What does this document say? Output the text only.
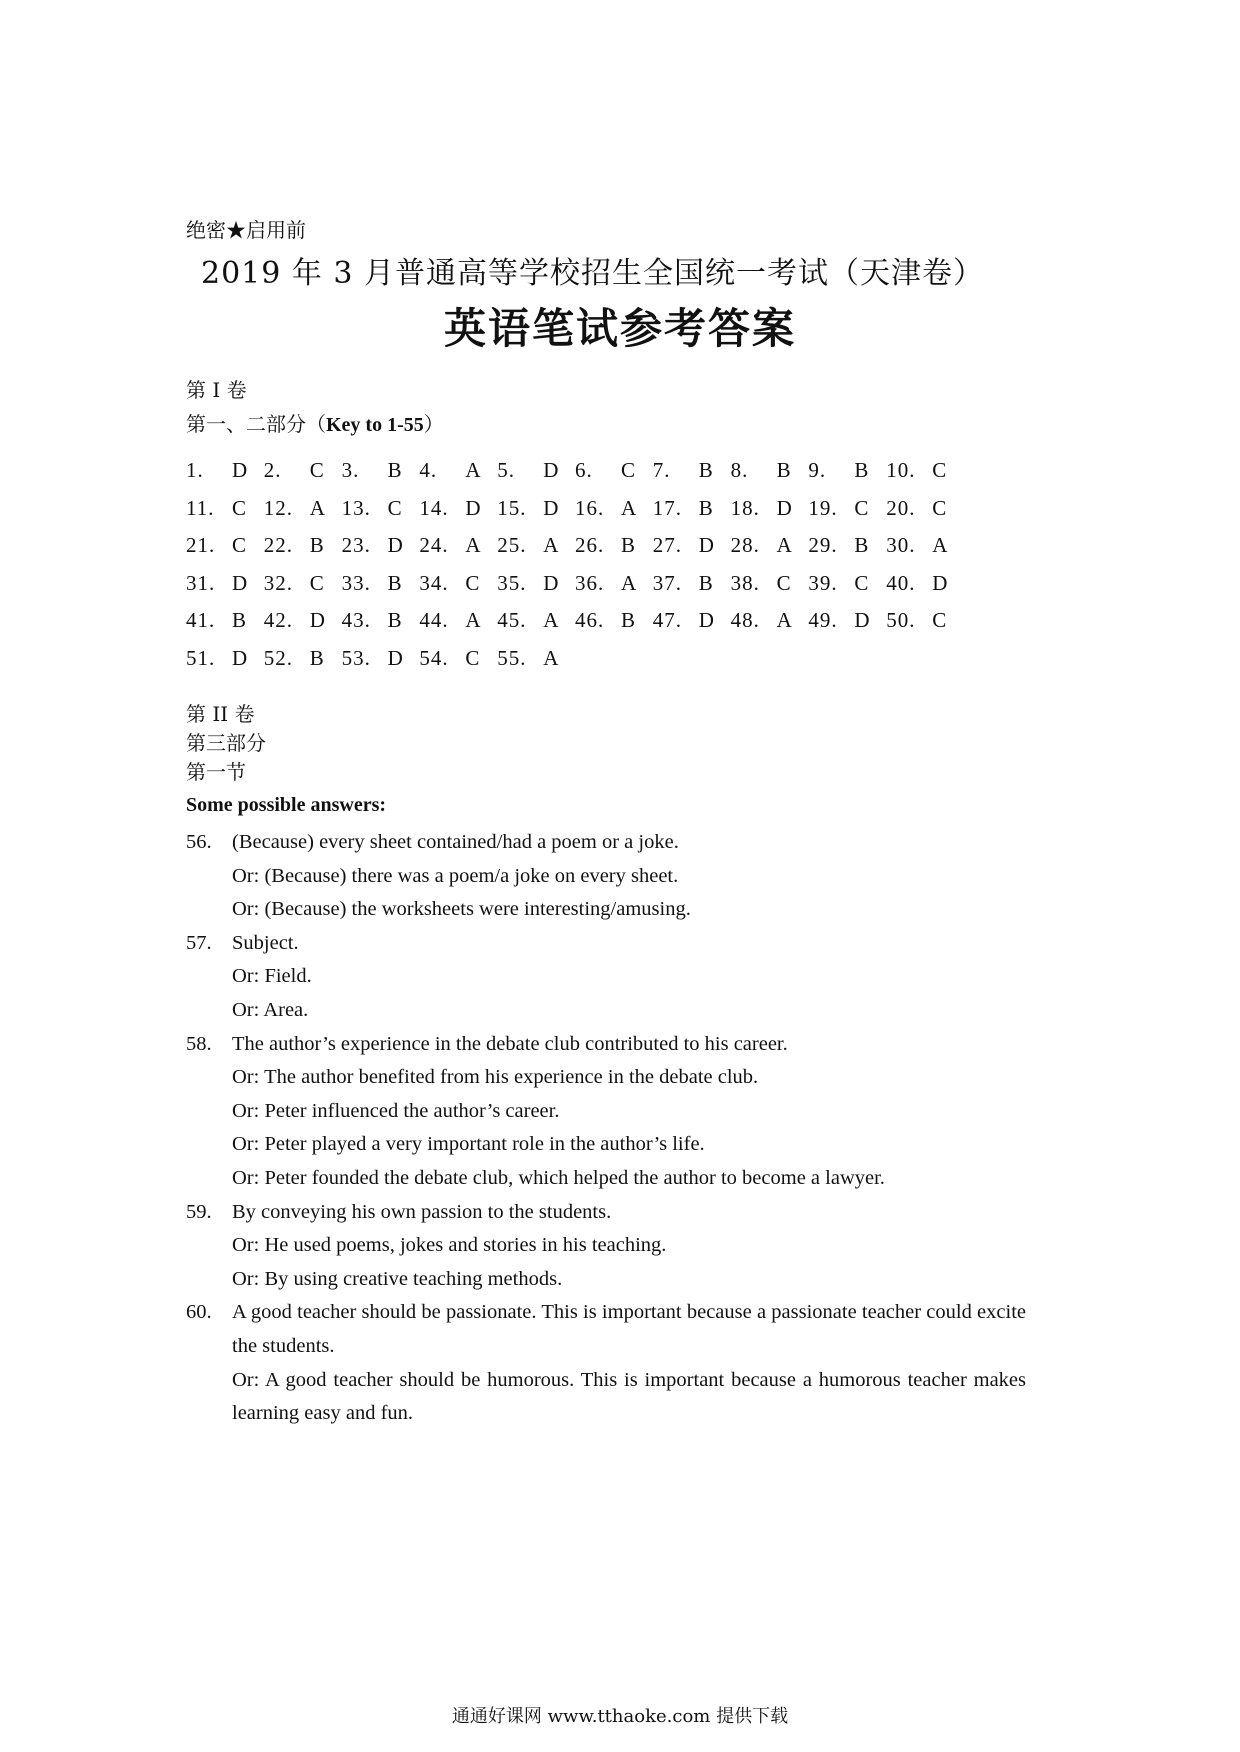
绝密★启用前
2019 年 3 月普通高等学校招生全国统一考试（天津卷）
英语笔试参考答案
第 I 卷
第一、二部分（Key to 1-55）
1. D 2. C 3. B 4. A 5. D 6. C 7. B 8. B 9. B 10. C
11. C 12. A 13. C 14. D 15. D 16. A 17. B 18. D 19. C 20. C
21. C 22. B 23. D 24. A 25. A 26. B 27. D 28. A 29. B 30. A
31. D 32. C 33. B 34. C 35. D 36. A 37. B 38. C 39. C 40. D
41. B 42. D 43. B 44. A 45. A 46. B 47. D 48. A 49. D 50. C
51. D 52. B 53. D 54. C 55. A
第 II 卷
第三部分
第一节
Some possible answers:
56. (Because) every sheet contained/had a poem or a joke.
Or: (Because) there was a poem/a joke on every sheet.
Or: (Because) the worksheets were interesting/amusing.
57. Subject.
Or: Field.
Or: Area.
58. The author’s experience in the debate club contributed to his career.
Or: The author benefited from his experience in the debate club.
Or: Peter influenced the author’s career.
Or: Peter played a very important role in the author’s life.
Or: Peter founded the debate club, which helped the author to become a lawyer.
59. By conveying his own passion to the students.
Or: He used poems, jokes and stories in his teaching.
Or: By using creative teaching methods.
60. A good teacher should be passionate. This is important because a passionate teacher could excite the students.
Or: A good teacher should be humorous. This is important because a humorous teacher makes learning easy and fun.
通通好课网 www.tthaoke.com 提供下载
